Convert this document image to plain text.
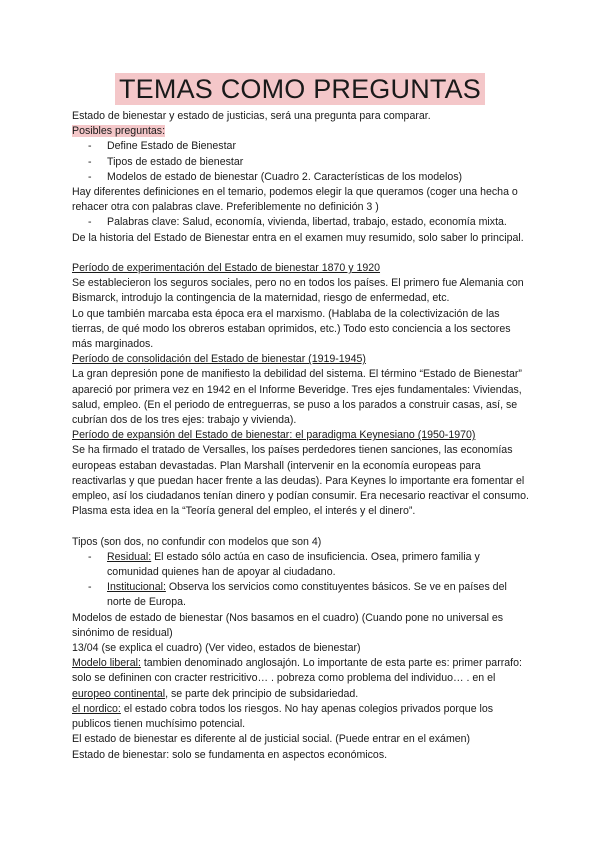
TEMAS COMO PREGUNTAS

Estado de bienestar y estado de justicias, será una pregunta para comparar.

Posibles preguntas:

- Define Estado de Bienestar
- Tipos de estado de bienestar
- Modelos de estado de bienestar (Cuadro 2. Características de los modelos)

Hay diferentes definiciones en el temario, podemos elegir la que queramos (coger una hecha o rehacer otra con palabras clave. Preferiblemente no definición 3 )

- Palabras clave: Salud, economía, vivienda, libertad, trabajo, estado, economía mixta.

De la historia del Estado de Bienestar entra en el examen muy resumido, solo saber lo principal.

Período de experimentación del Estado de bienestar 1870 y 1920

Se establecieron los seguros sociales, pero no en todos los países. El primero fue Alemania con Bismarck, introdujo la contingencia de la maternidad, riesgo de enfermedad, etc.

Lo que también marcaba esta época era el marxismo. (Hablaba de la colectivización de las tierras, de qué modo los obreros estaban oprimidos, etc.) Todo esto conciencia a los sectores más marginados.

Período de consolidación del Estado de bienestar (1919-1945)

La gran depresión pone de manifiesto la debilidad del sistema. El término “Estado de Bienestar” apareció por primera vez en 1942 en el Informe Beveridge. Tres ejes fundamentales: Viviendas, salud, empleo. (En el periodo de entreguerras, se puso a los parados a construir casas, así, se cubrían dos de los tres ejes: trabajo y vivienda).

Período de expansión del Estado de bienestar: el paradigma Keynesiano (1950-1970)

Se ha firmado el tratado de Versalles, los países perdedores tienen sanciones, las economías europeas estaban devastadas. Plan Marshall (intervenir en la economía europeas para reactivarlas y que puedan hacer frente a las deudas). Para Keynes lo importante era fomentar el empleo, así los ciudadanos tenían dinero y podían consumir. Era necesario reactivar el consumo. Plasma esta idea en la “Teoría general del empleo, el interés y el dinero”.

Tipos (son dos, no confundir con modelos que son 4)

- Residual: El estado sólo actúa en caso de insuficiencia. Osea, primero familia y comunidad quienes han de apoyar al ciudadano.
- Institucional: Observa los servicios como constituyentes básicos. Se ve en países del norte de Europa.

Modelos de estado de bienestar (Nos basamos en el cuadro) (Cuando pone no universal es sinónimo de residual)

13/04 (se explica el cuadro) (Ver video, estados de bienestar)

Modelo liberal: tambien denominado anglosajón. Lo importante de esta parte es: primer parrafo: solo se defininen con cracter restricitivo… . pobreza como problema del individuo… . en el europeo continental, se parte dek principio de subsidariedad.

el nordico: el estado cobra todos los riesgos. No hay apenas colegios privados porque los publicos tienen muchísimo potencial.

El estado de bienestar es diferente al de justicial social. (Puede entrar en el exámen)

Estado de bienestar: solo se fundamenta en aspectos económicos.
